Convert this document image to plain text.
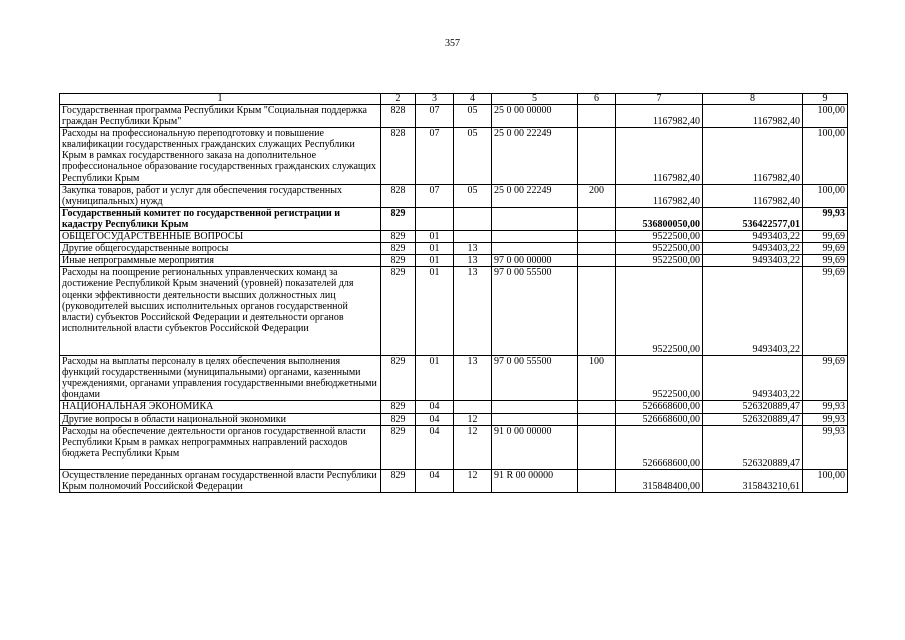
357
1	2	3	4	5	6	7	8	9
Государственная программа Республики Крым "Социальная поддержка граждан Республики Крым"	828	07	05	25 0 00 00000		1167982,40	1167982,40	100,00
Расходы на профессиональную переподготовку и повышение квалификации государственных гражданских служащих Республики Крым в рамках государственного заказа на дополнительное профессиональное образование государственных гражданских служащих Республики Крым	828	07	05	25 0 00 22249		1167982,40	1167982,40	100,00
Закупка товаров, работ и услуг для обеспечения государственных (муниципальных) нужд	828	07	05	25 0 00 22249	200	1167982,40	1167982,40	100,00
Государственный комитет по государственной регистрации и кадастру Республики Крым	829					536800050,00	536422577,01	99,93
ОБЩЕГОСУДАРСТВЕННЫЕ ВОПРОСЫ	829	01				9522500,00	9493403,22	99,69
Другие общегосударственные вопросы	829	01	13			9522500,00	9493403,22	99,69
Иные непрограммные мероприятия	829	01	13	97 0 00 00000		9522500,00	9493403,22	99,69
Расходы на поощрение региональных управленческих команд за достижение Республикой Крым значений (уровней) показателей для оценки эффективности деятельности высших должностных лиц (руководителей высших исполнительных органов государственной власти) субъектов Российской Федерации и деятельности органов исполнительной власти субъектов Российской Федерации	829	01	13	97 0 00 55500		9522500,00	9493403,22	99,69
Расходы на выплаты персоналу в целях обеспечения выполнения функций государственными (муниципальными) органами, казенными учреждениями, органами управления государственными внебюджетными фондами	829	01	13	97 0 00 55500	100	9522500,00	9493403,22	99,69
НАЦИОНАЛЬНАЯ ЭКОНОМИКА	829	04				526668600,00	526320889,47	99,93
Другие вопросы в области национальной экономики	829	04	12			526668600,00	526320889,47	99,93
Расходы на обеспечение деятельности органов государственной власти Республики Крым в рамках непрограммных направлений расходов бюджета Республики Крым	829	04	12	91 0 00 00000		526668600,00	526320889,47	99,93
Осуществление переданных органам государственной власти Республики Крым полномочий Российской Федерации	829	04	12	91 R 00 00000		315848400,00	315843210,61	100,00
